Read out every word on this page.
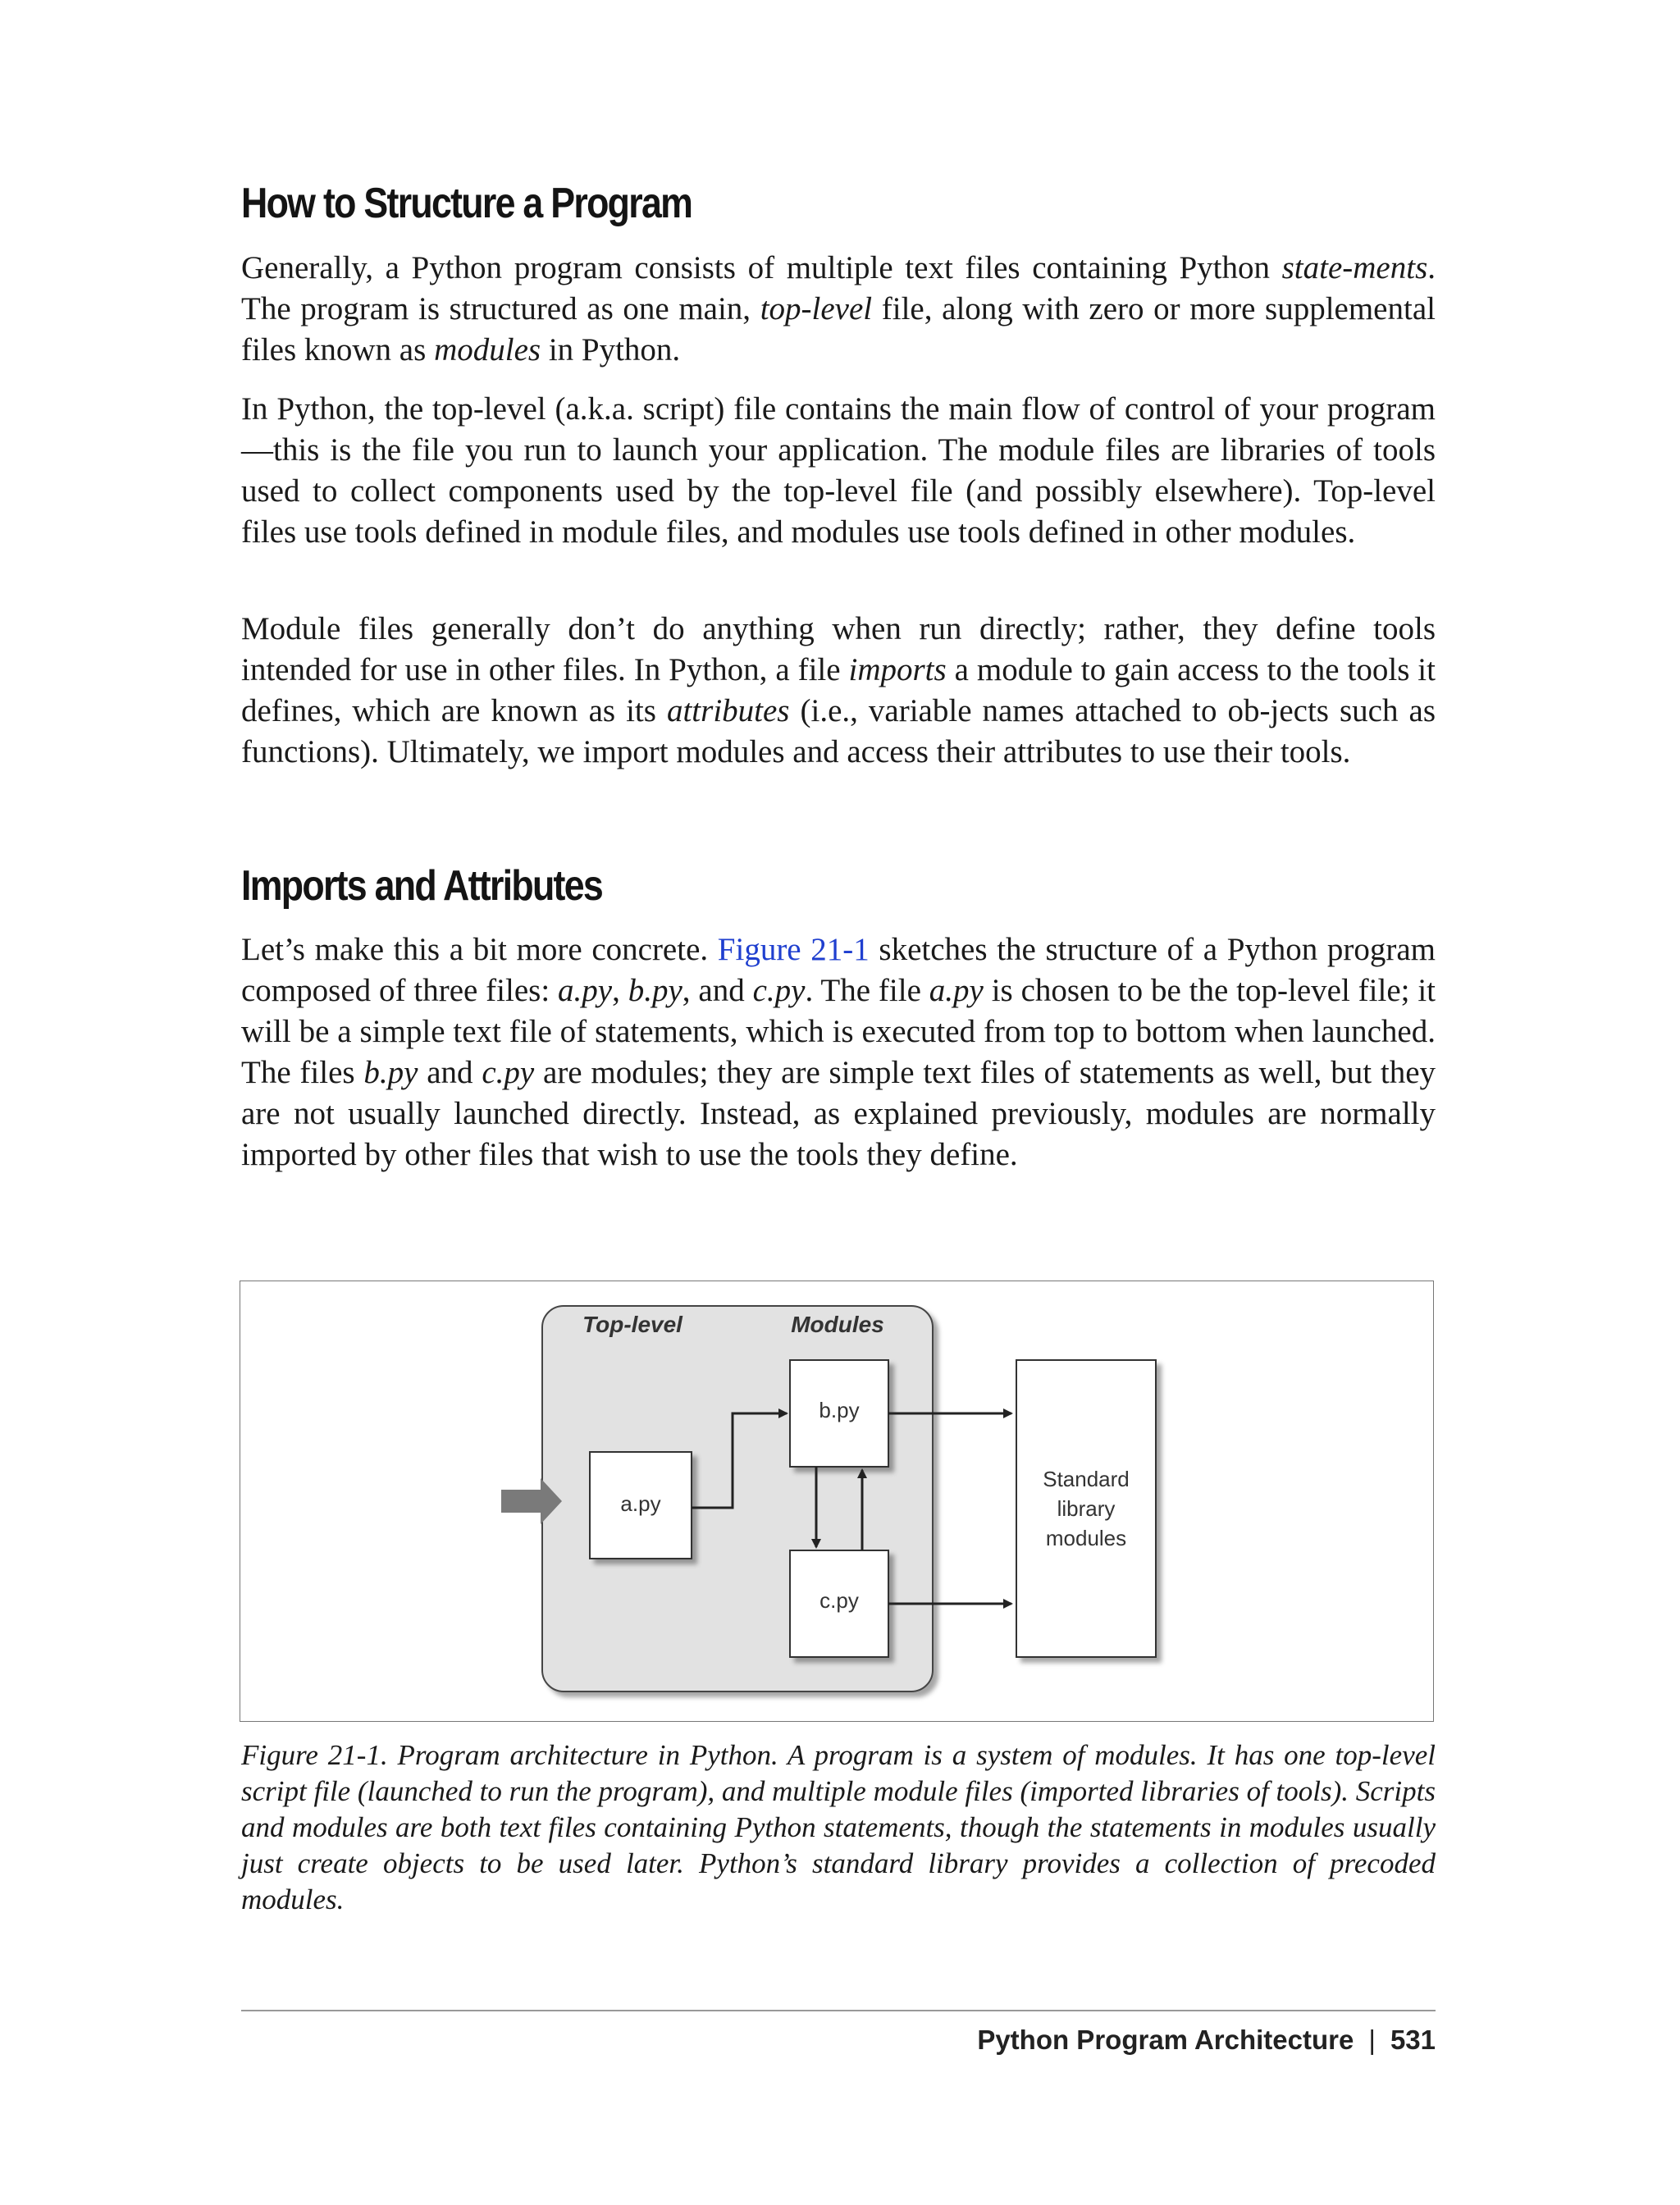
How to Structure a Program

Generally, a Python program consists of multiple text files containing Python state-ments. The program is structured as one main, top-level file, along with zero or more supplemental files known as modules in Python.

In Python, the top-level (a.k.a. script) file contains the main flow of control of your program—this is the file you run to launch your application. The module files are libraries of tools used to collect components used by the top-level file (and possibly elsewhere). Top-level files use tools defined in module files, and modules use tools defined in other modules.

Module files generally don’t do anything when run directly; rather, they define tools intended for use in other files. In Python, a file imports a module to gain access to the tools it defines, which are known as its attributes (i.e., variable names attached to ob-jects such as functions). Ultimately, we import modules and access their attributes to use their tools.

Imports and Attributes

Let’s make this a bit more concrete. Figure 21-1 sketches the structure of a Python program composed of three files: a.py, b.py, and c.py. The file a.py is chosen to be the top-level file; it will be a simple text file of statements, which is executed from top to bottom when launched. The files b.py and c.py are modules; they are simple text files of statements as well, but they are not usually launched directly. Instead, as explained previously, modules are normally imported by other files that wish to use the tools they define.

Top-level	Modules
a.py
b.py
c.py
Standard
library
modules

Figure 21-1. Program architecture in Python. A program is a system of modules. It has one top-level script file (launched to run the program), and multiple module files (imported libraries of tools). Scripts and modules are both text files containing Python statements, though the statements in modules usually just create objects to be used later. Python’s standard library provides a collection of precoded modules.

Python Program Architecture | 531
